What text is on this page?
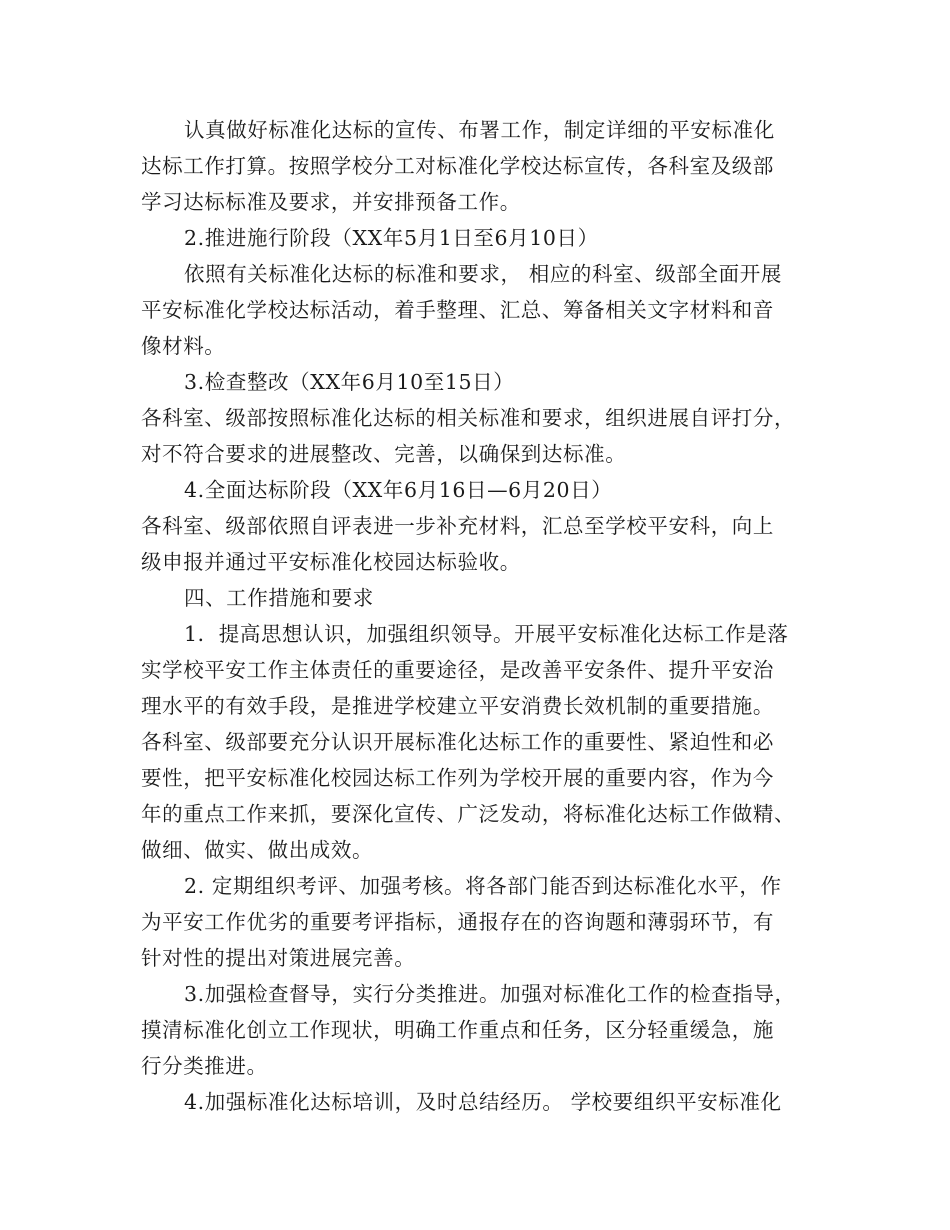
认真做好标准化达标的宣传、布署工作，制定详细的平安标准化
达标工作打算。按照学校分工对标准化学校达标宣传，各科室及级部
学习达标标准及要求，并安排预备工作。
2.推进施行阶段（XX年5月1日至6月10日）
依照有关标准化达标的标准和要求， 相应的科室、级部全面开展
平安标准化学校达标活动，着手整理、汇总、筹备相关文字材料和音
像材料。
3.检查整改（XX年6月10至15日）
各科室、级部按照标准化达标的相关标准和要求，组织进展自评打分，
对不符合要求的进展整改、完善，以确保到达标准。
4.全面达标阶段（XX年6月16日—6月20日）
各科室、级部依照自评表进一步补充材料，汇总至学校平安科，向上
级申报并通过平安标准化校园达标验收。
四、工作措施和要求
1．提高思想认识，加强组织领导。开展平安标准化达标工作是落
实学校平安工作主体责任的重要途径，是改善平安条件、提升平安治
理水平的有效手段，是推进学校建立平安消费长效机制的重要措施。
各科室、级部要充分认识开展标准化达标工作的重要性、紧迫性和必
要性，把平安标准化校园达标工作列为学校开展的重要内容，作为今
年的重点工作来抓，要深化宣传、广泛发动，将标准化达标工作做精、
做细、做实、做出成效。
2. 定期组织考评、加强考核。将各部门能否到达标准化水平，作
为平安工作优劣的重要考评指标，通报存在的咨询题和薄弱环节，有
针对性的提出对策进展完善。
3.加强检查督导，实行分类推进。加强对标准化工作的检查指导，
摸清标准化创立工作现状，明确工作重点和任务，区分轻重缓急，施
行分类推进。
4.加强标准化达标培训，及时总结经历。 学校要组织平安标准化
